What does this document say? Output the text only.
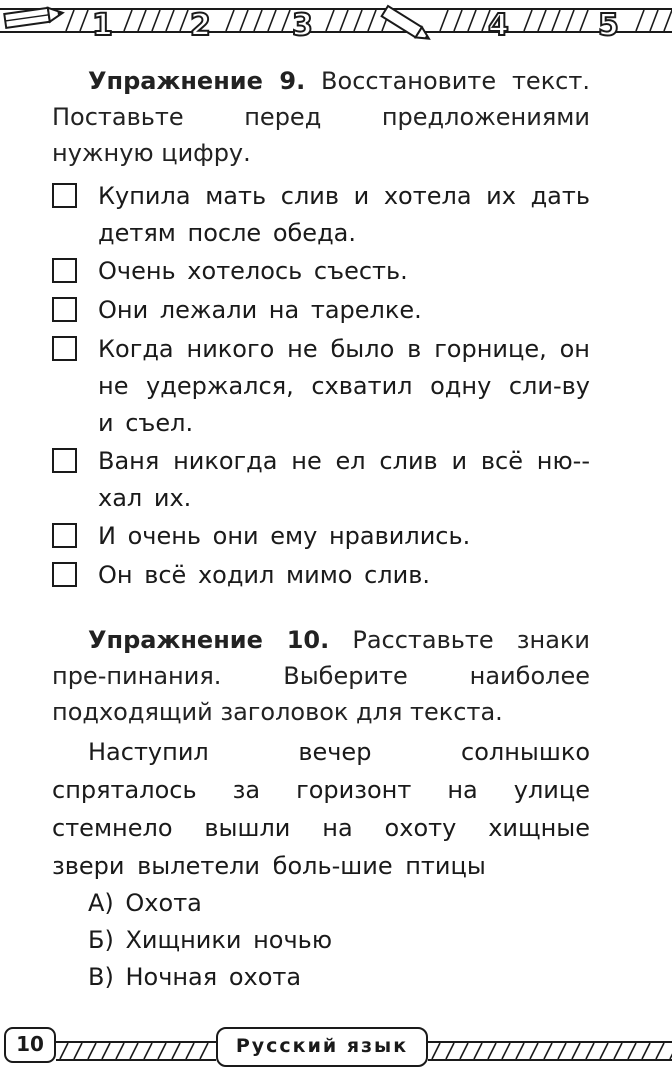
1	2	3	4	5
Упражнение 9. Восстановите текст. Поставьте перед предложениями нужную цифру.
Купила мать слив и хотела их дать детям после обеда.
Очень хотелось съесть.
Они лежали на тарелке.
Когда никого не было в горнице, он не удержался, схватил одну сли-ву и съел.
Ваня никогда не ел слив и всё ню-хал их.
И очень они ему нравились.
Он всё ходил мимо слив.
Упражнение 10. Расставьте знаки пре-пинания. Выберите наиболее подходящий заголовок для текста.
Наступил вечер солнышко спряталось за горизонт на улице стемнело вышли на охоту хищные звери вылетели боль-шие птицы
А) Охота
Б) Хищники ночью
В) Ночная охота
10	Русский язык
